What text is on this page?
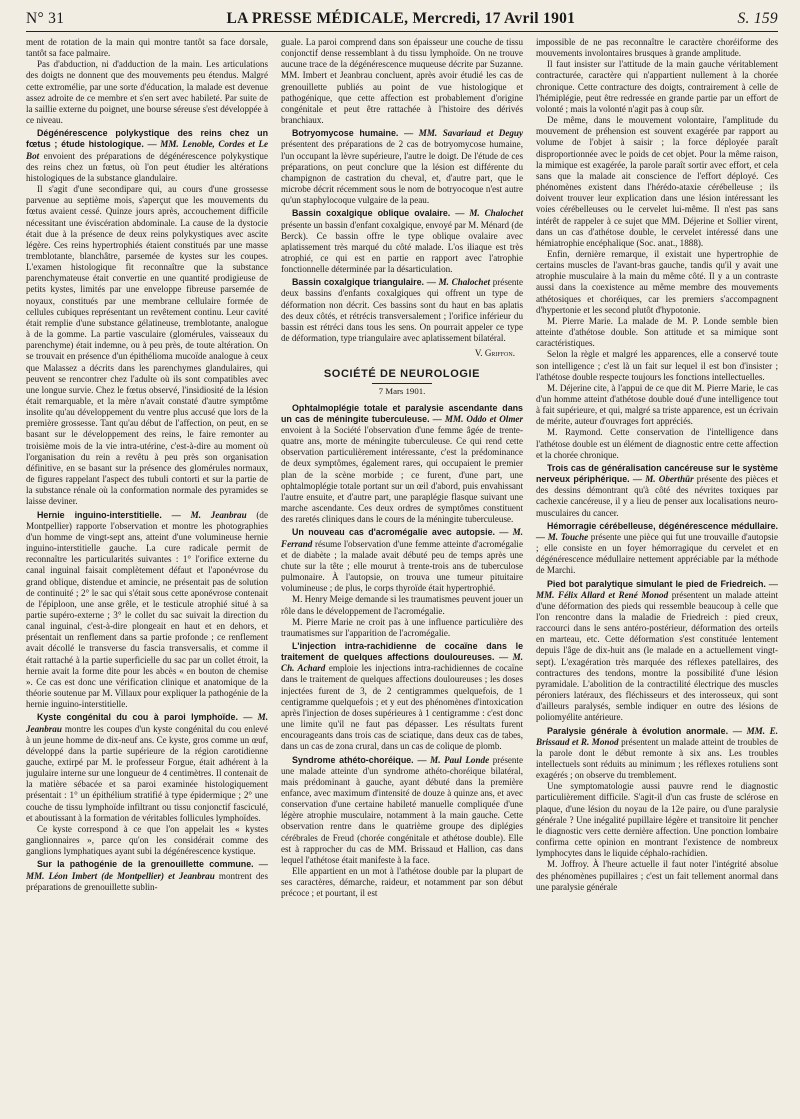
N° 31	LA PRESSE MÉDICALE, Mercredi, 17 Avril 1901	S. 159

ment de rotation de la main qui montre tantôt sa face dorsale, tantôt sa face palmaire.

Pas d'abduction, ni d'adduction de la main. Les articulations des doigts ne donnent que des mouvements peu étendus. Malgré cette extromélie, par une sorte d'éducation, la malade est devenue assez adroite de ce membre et s'en sert avec habileté. Par suite de la saillie externe du poignet, une bourse séreuse s'est développée à ce niveau.

Dégénérescence polykystique des reins chez un fœtus ; étude histologique. — MM. Lenoble, Cordes et Le Bot envoient des préparations de dégénérescence polykystique des reins chez un fœtus, où l'on peut étudier les altérations histologiques de la substance glandulaire.

Il s'agit d'une secondipare qui, au cours d'une grossesse parvenue au septième mois, s'aperçut que les mouvements du fœtus avaient cessé. Quinze jours après, accouchement difficile nécessitant une éviscération abdominale. La cause de la dystocie était due à la présence de deux reins polykystiques avec ascite légère. Ces reins hypertrophiés étaient constitués par une masse tremblotante, blanchâtre, parsemée de kystes sur les coupes. L'examen histologique fit reconnaître que la substance parenchymateuse était convertie en une quantité prodigieuse de petits kystes, limités par une enveloppe fibreuse parsemée de noyaux, constitués par une membrane cellulaire formée de cellules cubiques représentant un revêtement continu. Leur cavité était remplie d'une substance gélatineuse, tremblotante, analogue à de la gomme. La partie vasculaire (glomérules, vaisseaux du parenchyme) était indemne, ou à peu près, de toute altération. On se trouvait en présence d'un épithélioma mucoïde analogue à ceux que Malassez a décrits dans les parenchymes glandulaires, qui peuvent se rencontrer chez l'adulte où ils sont compatibles avec une longue survie. Chez le fœtus observé, l'insidiosité de la lésion était remarquable, et la mère n'avait constaté d'autre symptôme insolite qu'au développement du ventre plus accusé que lors de la première grossesse. Tant qu'au début de l'affection, on peut, en se basant sur le développement des reins, le faire remonter au troisième mois de la vie intra-utérine, c'est-à-dire au moment où l'organisation du rein a revêtu à peu près son organisation définitive, en se basant sur la présence des glomérules normaux, de figures rappelant l'aspect des tubuli contorti et sur la partie de la substance rénale où la conformation normale des pyramides se laisse deviner.

Hernie inguino-interstitielle. — M. Jeanbrau (de Montpellier) rapporte l'observation et montre les photographies d'un homme de vingt-sept ans, atteint d'une volumineuse hernie inguino-interstitielle gauche. La cure radicale permit de reconnaître les particularités suivantes : 1° l'orifice externe du canal inguinal faisait complètement défaut et l'aponévrose du grand oblique, distendue et amincie, ne présentait pas de solution de continuité ; 2° le sac qui s'était sous cette aponévrose contenait de l'épiploon, une anse grêle, et le testicule atrophié situé à sa partie supéro-externe ; 3° le collet du sac suivait la direction du canal inguinal, c'est-à-dire plongeait en haut et en dehors, et présentait un renflement dans sa partie profonde ; ce renflement avait décollé le transverse du fascia transversalis, et comme il était rattaché à la partie superficielle du sac par un collet étroit, la hernie avait la forme dite pour les abcès « en bouton de chemise ». Ce cas est donc une vérification clinique et anatomique de la théorie soutenue par M. Villaux pour expliquer la pathogénie de la hernie inguino-interstitielle.

Kyste congénital du cou à paroi lymphoïde. — M. Jeanbrau montre les coupes d'un kyste congénital du cou enlevé à un jeune homme de dix-neuf ans. Ce kyste, gros comme un œuf, développé dans la partie supérieure de la région carotidienne gauche, extirpé par M. le professeur Forgue, était adhérent à la jugulaire interne sur une longueur de 4 centimètres. Il contenait de la matière sébacée et sa paroi examinée histologiquement présentait : 1° un épithélium stratifié à type épidermique ; 2° une couche de tissu lymphoïde infiltrant ou tissu conjonctif fasciculé, et aboutissant à la formation de véritables follicules lymphoïdes.

Ce kyste correspond à ce que l'on appelait les « kystes ganglionnaires », parce qu'on les considérait comme des ganglions lymphatiques ayant subi la dégénérescence kystique.

Sur la pathogénie de la grenouillette commune. — MM. Léon Imbert (de Montpellier) et Jeanbrau montrent des préparations de grenouillette sublin-

guale. La paroi comprend dans son épaisseur une couche de tissu conjonctif dense ressemblant à du tissu lymphoïde. On ne trouve aucune trace de la dégénérescence muqueuse décrite par Suzanne. MM. Imbert et Jeanbrau concluent, après avoir étudié les cas de grenouillette publiés au point de vue histologique et pathogénique, que cette affection est probablement d'origine congénitale et peut être rattachée à l'histoire des dérivés branchiaux.

Botryomycose humaine. — MM. Savariaud et Deguy présentent des préparations de 2 cas de botryomycose humaine, l'un occupant la lèvre supérieure, l'autre le doigt. De l'étude de ces préparations, on peut conclure que la lésion est différente du champignon de castration du cheval, et, d'autre part, que le microbe décrit récemment sous le nom de botryocoque n'est autre qu'un staphylocoque vulgaire de la peau.

Bassin coxalgique oblique ovalaire. — M. Chalochet présente un bassin d'enfant coxalgique, envoyé par M. Ménard (de Berck). Ce bassin offre le type oblique ovalaire avec aplatissement très marqué du côté malade. L'os iliaque est très atrophié, ce qui est en partie en rapport avec l'atrophie fonctionnelle déterminée par la désarticulation.

Bassin coxalgique triangulaire. — M. Chalochet présente deux bassins d'enfants coxalgiques qui offrent un type de déformation non décrit. Ces bassins sont du haut en bas aplatis des deux côtés, et rétrécis transversalement ; l'orifice inférieur du bassin est rétréci dans tous les sens. On pourrait appeler ce type de déformation, type triangulaire avec aplatissement bilatéral.

V. Griffon.
SOCIÉTÉ DE NEUROLOGIE
7 Mars 1901.

Ophtalmoplégie totale et paralysie ascendante dans un cas de méningite tuberculeuse. — MM. Oddo et Olmer envoient à la Société l'observation d'une femme âgée de trente-quatre ans, morte de méningite tuberculeuse. Ce qui rend cette observation particulièrement intéressante, c'est la prédominance de deux symptômes, également rares, qui occupaient le premier plan de la scène morbide ; ce furent, d'une part, une ophtalmoplégie totale portant sur un œil d'abord, puis envahissant l'autre ensuite, et d'autre part, une paraplégie flasque suivant une marche ascendante. Ces deux ordres de symptômes constituent des raretés cliniques dans le cours de la méningite tuberculeuse.

Un nouveau cas d'acromégalie avec autopsie. — M. Ferrand résume l'observation d'une femme atteinte d'acromégalie et de diabète ; la malade avait débuté peu de temps après une chute sur la tête ; elle mourut à trente-trois ans de tuberculose pulmonaire. À l'autopsie, on trouva une tumeur pituitaire volumineuse ; de plus, le corps thyroïde était hypertrophié.

M. Henry Meige demande si les traumatismes peuvent jouer un rôle dans le développement de l'acromégalie.

M. Pierre Marie ne croit pas à une influence particulière des traumatismes sur l'apparition de l'acromégalie.

L'injection intra-rachidienne de cocaïne dans le traitement de quelques affections douloureuses. — M. Ch. Achard emploie les injections intra-rachidiennes de cocaïne dans le traitement de quelques affections douloureuses ; les doses injectées furent de 3, de 2 centigrammes quelquefois, de 1 centigramme quelquefois ; et y eut des phénomènes d'intoxication après l'injection de doses supérieures à 1 centigramme : c'est donc une limite qu'il ne faut pas dépasser. Les résultats furent encourageants dans trois cas de sciatique, dans deux cas de tabes, dans un cas de zona crural, dans un cas de colique de plomb.

Syndrome athéto-choréique. — M. Paul Londe présente une malade atteinte d'un syndrome athéto-choréique bilatéral, mais prédominant à gauche, ayant débuté dans la première enfance, avec maximum d'intensité de douze à quinze ans, et avec conservation d'une certaine habileté manuelle compliquée d'une légère atrophie musculaire, notamment à la main gauche. Cette observation rentre dans le quatrième groupe des diplégies cérébrales de Freud (chorée congénitale et athétose double). Elle est à rapprocher du cas de MM. Brissaud et Hallion, cas dans lequel l'athétose était manifeste à la face.

Elle appartient en un mot à l'athétose double par la plupart de ses caractères, démarche, raideur, et notamment par son début précoce ; et pourtant, il est

impossible de ne pas reconnaître le caractère choréiforme des mouvements involontaires brusques à grande amplitude.

Il faut insister sur l'attitude de la main gauche véritablement contracturée, caractère qui n'appartient nullement à la chorée chronique. Cette contracture des doigts, contrairement à celle de l'hémiplégie, peut être redressée en grande partie par un effort de volonté ; mais la volonté n'agit pas à coup sûr.

De même, dans le mouvement volontaire, l'amplitude du mouvement de préhension est souvent exagérée par rapport au volume de l'objet à saisir ; la force déployée paraît disproportionnée avec le poids de cet objet. Pour la même raison, la mimique est exagérée, la parole paraît sortir avec effort, et cela sans que la malade ait conscience de l'effort déployé. Ces phénomènes existent dans l'hérédo-ataxie cérébelleuse ; ils doivent trouver leur explication dans une lésion intéressant les voies cérébelleuses ou le cervelet lui-même. Il n'est pas sans intérêt de rappeler à ce sujet que MM. Déjerine et Sollier virent, dans un cas d'athétose double, le cervelet intéressé dans une hémiatrophie encéphalique (Soc. anat., 1888).

Enfin, dernière remarque, il existait une hypertrophie de certains muscles de l'avant-bras gauche, tandis qu'il y avait une atrophie musculaire à la main du même côté. Il y a un contraste aussi dans la coexistence au même membre des mouvements athétosiques et choréiques, car les premiers s'accompagnent d'hypertonie et les second plutôt d'hypotonie.

M. Pierre Marie. La malade de M. P. Londe semble bien atteinte d'athétose double. Son attitude et sa mimique sont caractéristiques.

Selon la règle et malgré les apparences, elle a conservé toute son intelligence ; c'est là un fait sur lequel il est bon d'insister ; l'athétose double respecte toujours les fonctions intellectuelles.

M. Déjerine cite, à l'appui de ce que dit M. Pierre Marie, le cas d'un homme atteint d'athétose double doué d'une intelligence tout à fait supérieure, et qui, malgré sa triste apparence, est un écrivain de mérite, auteur d'ouvrages fort appréciés.

M. Raymond. Cette conservation de l'intelligence dans l'athétose double est un élément de diagnostic entre cette affection et la chorée chronique.

Trois cas de généralisation cancéreuse sur le système nerveux périphérique. — M. Oberthür présente des pièces et des dessins démontrant qu'à côté des névrites toxiques par cachexie cancéreuse, il y a lieu de penser aux localisations neuro-musculaires du cancer.

Hémorragie cérébelleuse, dégénérescence médullaire. — M. Touche présente une pièce qui fut une trouvaille d'autopsie ; elle consiste en un foyer hémorragique du cervelet et en dégénérescence médullaire nettement appréciable par la méthode de Marchi.

Pied bot paralytique simulant le pied de Friedreich. — MM. Félix Allard et René Monod présentent un malade atteint d'une déformation des pieds qui ressemble beaucoup à celle que l'on rencontre dans la maladie de Friedreich : pied creux, raccourci dans le sens antéro-postérieur, déformation des orteils en marteau, etc. Cette déformation s'est constituée lentement depuis l'âge de dix-huit ans (le malade en a actuellement vingt-sept). L'exagération très marquée des réflexes patellaires, des contractures des tendons, montre la possibilité d'une lésion pyramidale. L'abolition de la contractilité électrique des muscles péroniers latéraux, des fléchisseurs et des interosseux, qui sont d'ailleurs paralysés, semble indiquer en outre des lésions de poliomyélite antérieure.

Paralysie générale à évolution anormale. — MM. E. Brissaud et R. Monod présentent un malade atteint de troubles de la parole dont le début remonte à six ans. Les troubles intellectuels sont réduits au minimum ; les réflexes rotuliens sont exagérés ; on observe du tremblement.

Une symptomatologie aussi pauvre rend le diagnostic particulièrement difficile. S'agit-il d'un cas fruste de sclérose en plaque, d'une lésion du noyau de la 12e paire, ou d'une paralysie générale ? Une inégalité pupillaire légère et transitoire lit pencher le diagnostic vers cette dernière affection. Une ponction lombaire confirma cette opinion en montrant l'existence de nombreux lymphocytes dans le liquide céphalo-rachidien.

M. Joffroy. À l'heure actuelle il faut noter l'intégrité absolue des phénomènes pupillaires ; c'est un fait tellement anormal dans une paralysie générale
